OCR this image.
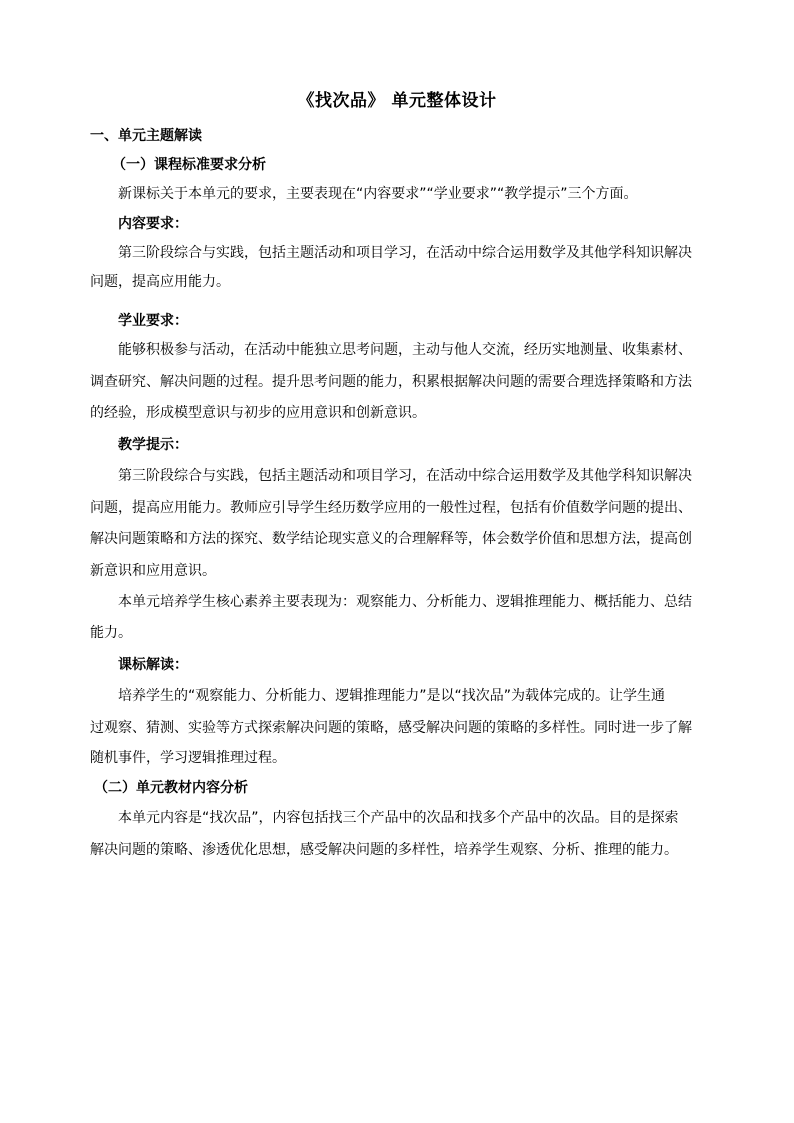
《找次品》 单元整体设计
一、单元主题解读
（一）课程标准要求分析
新课标关于本单元的要求，主要表现在“内容要求”“学业要求”“教学提示”三个方面。
内容要求：
第三阶段综合与实践，包括主题活动和项目学习，在活动中综合运用数学及其他学科知识解决
问题，提高应用能力。
学业要求：
能够积极参与活动，在活动中能独立思考问题，主动与他人交流，经历实地测量、收集素材、
调查研究、解决问题的过程。提升思考问题的能力，积累根据解决问题的需要合理选择策略和方法
的经验，形成模型意识与初步的应用意识和创新意识。
教学提示：
第三阶段综合与实践，包括主题活动和项目学习，在活动中综合运用数学及其他学科知识解决
问题，提高应用能力。教师应引导学生经历数学应用的一般性过程，包括有价值数学问题的提出、
解决问题策略和方法的探究、数学结论现实意义的合理解释等，体会数学价值和思想方法，提高创
新意识和应用意识。
本单元培养学生核心素养主要表现为：观察能力、分析能力、逻辑推理能力、概括能力、总结
能力。
课标解读：
培养学生的“观察能力、分析能力、逻辑推理能力”是以“找次品”为载体完成的。让学生通
过观察、猜测、实验等方式探索解决问题的策略，感受解决问题的策略的多样性。同时进一步了解
随机事件，学习逻辑推理过程。
（二）单元教材内容分析
本单元内容是“找次品”，内容包括找三个产品中的次品和找多个产品中的次品。目的是探索
解决问题的策略、渗透优化思想，感受解决问题的多样性，培养学生观察、分析、推理的能力。
